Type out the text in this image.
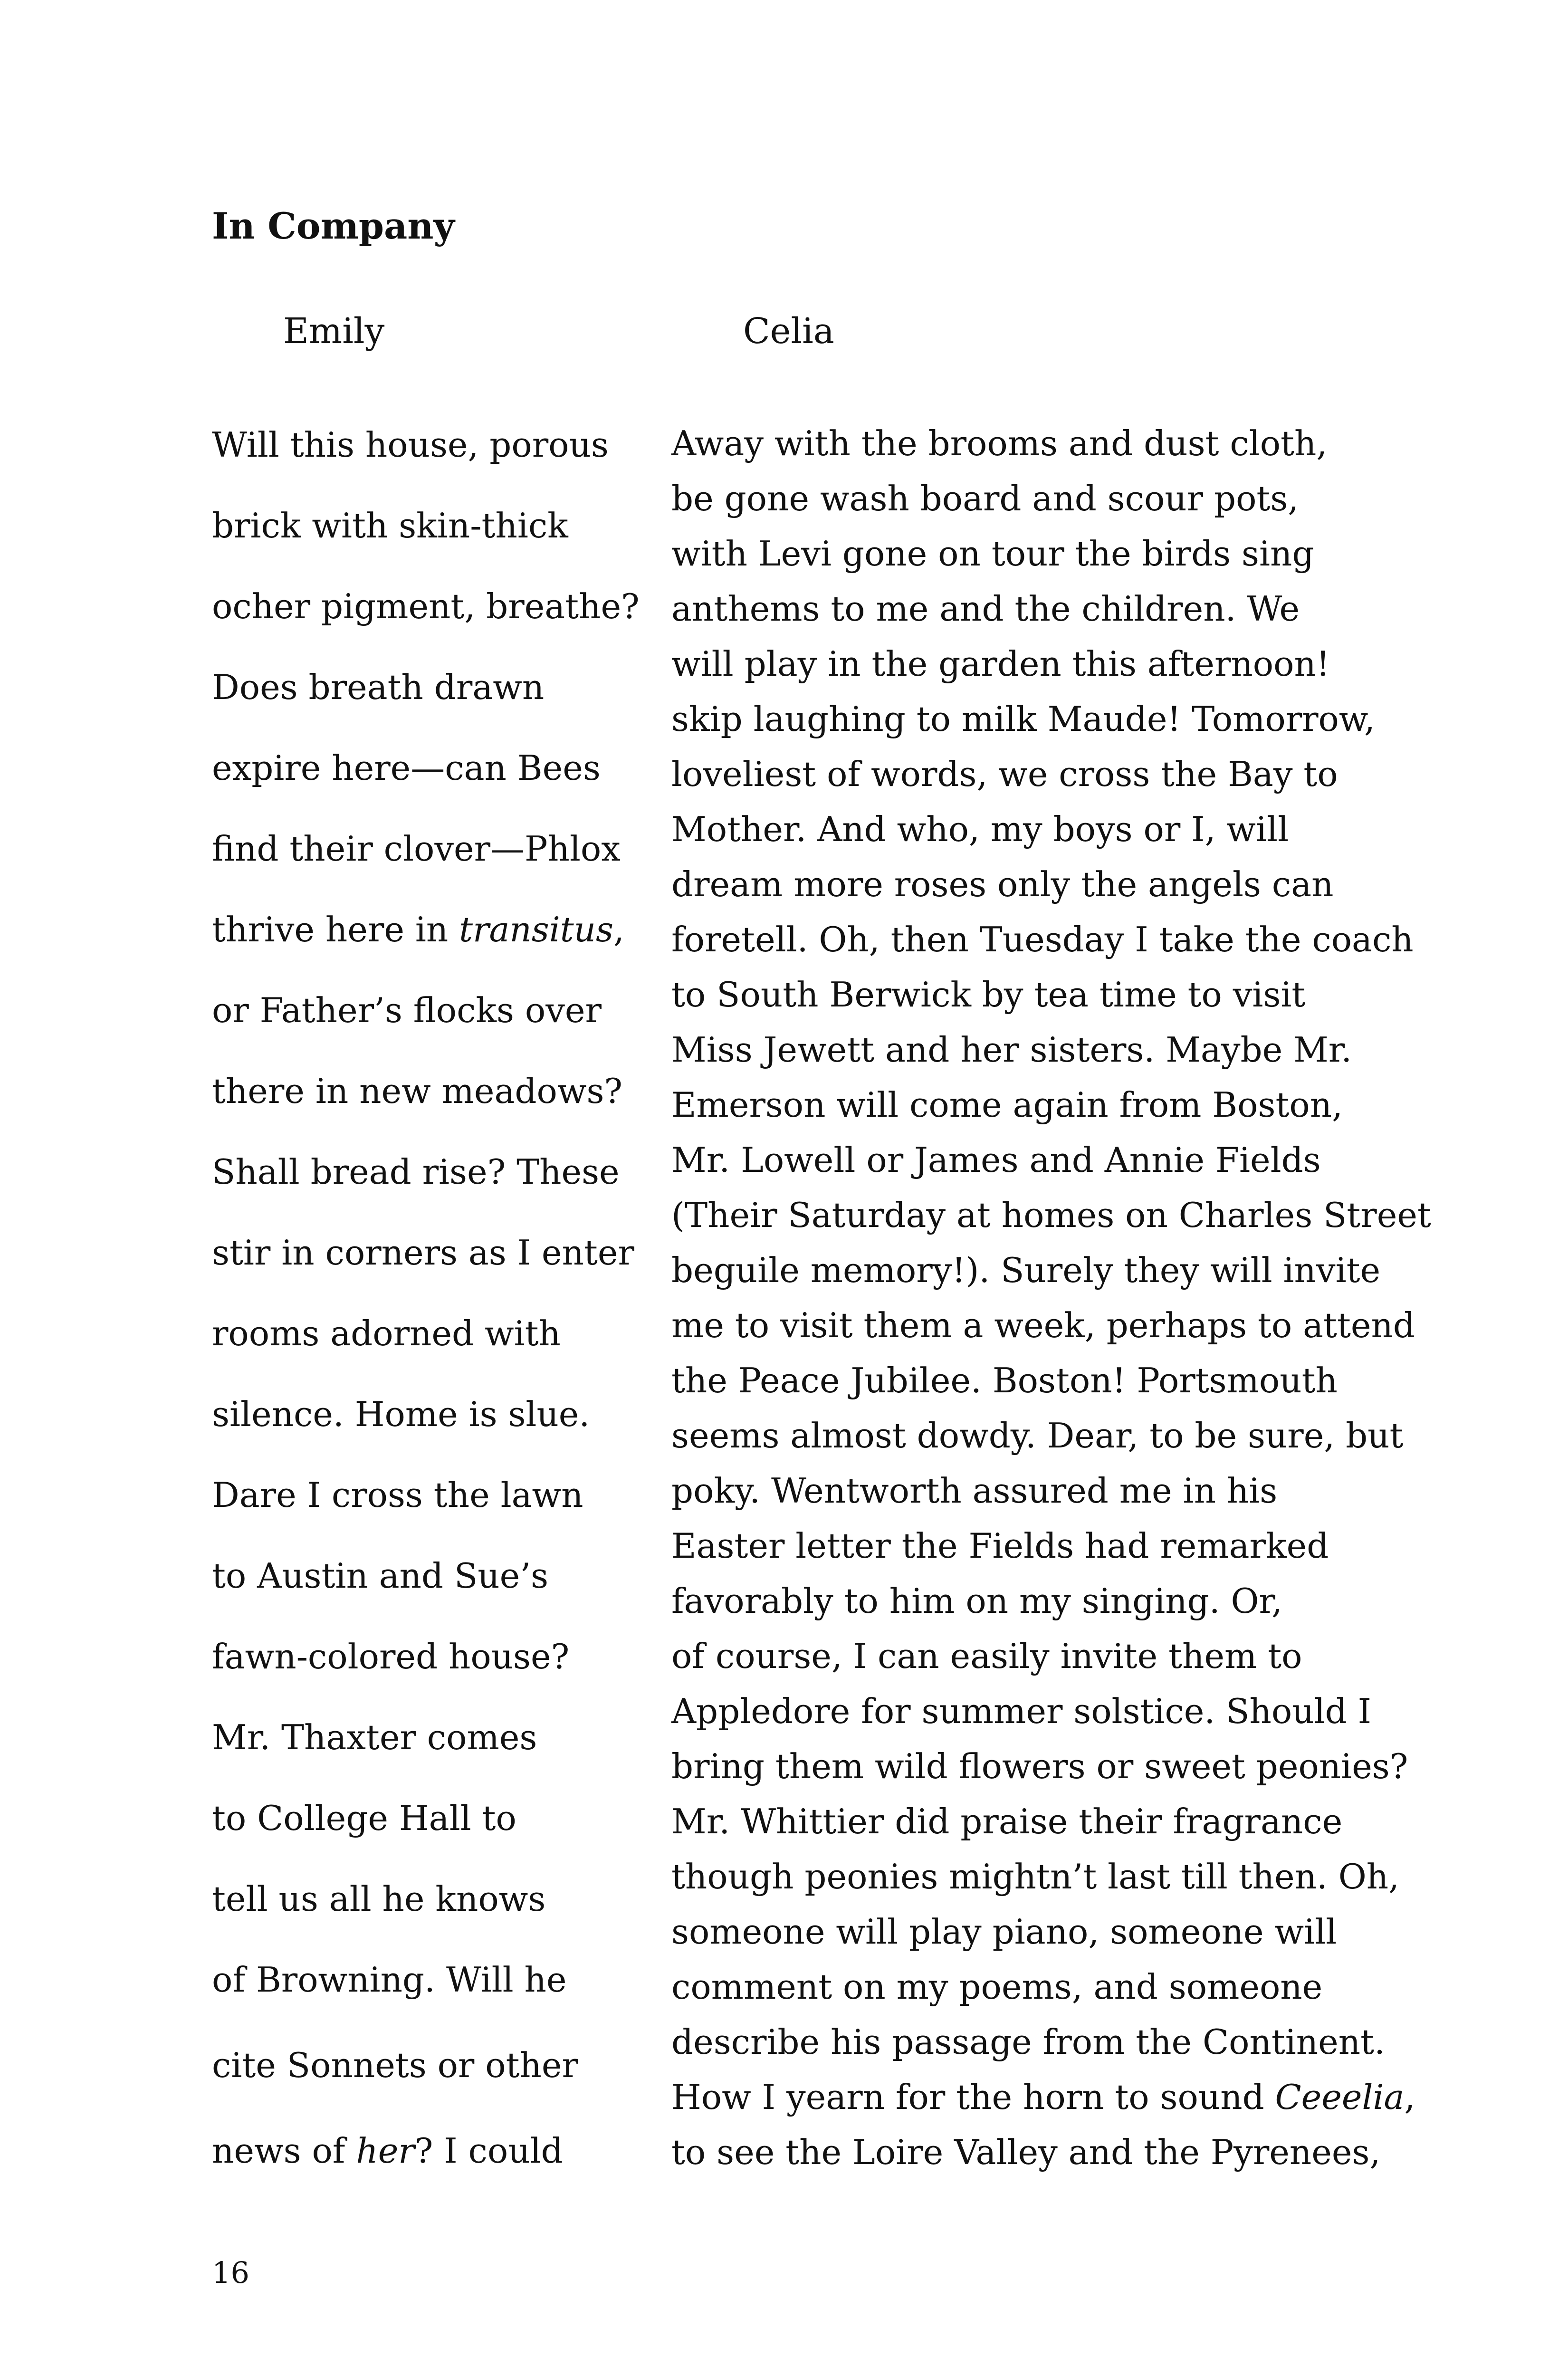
In Company
Emily	Celia
Will this house, porous
brick with skin-thick
ocher pigment, breathe?
Does breath drawn
expire here—can Bees
find their clover—Phlox
thrive here in transitus,
or Father’s flocks over
there in new meadows?
Shall bread rise? These
stir in corners as I enter
rooms adorned with
silence. Home is slue.
Dare I cross the lawn
to Austin and Sue’s
fawn-colored house?
Mr. Thaxter comes
to College Hall to
tell us all he knows
of Browning. Will he
cite Sonnets or other
news of her? I could
Away with the brooms and dust cloth,
be gone wash board and scour pots,
with Levi gone on tour the birds sing
anthems to me and the children. We
will play in the garden this afternoon!
skip laughing to milk Maude! Tomorrow,
loveliest of words, we cross the Bay to
Mother. And who, my boys or I, will
dream more roses only the angels can
foretell. Oh, then Tuesday I take the coach
to South Berwick by tea time to visit
Miss Jewett and her sisters. Maybe Mr.
Emerson will come again from Boston,
Mr. Lowell or James and Annie Fields
(Their Saturday at homes on Charles Street
beguile memory!). Surely they will invite
me to visit them a week, perhaps to attend
the Peace Jubilee. Boston! Portsmouth
seems almost dowdy. Dear, to be sure, but
poky. Wentworth assured me in his
Easter letter the Fields had remarked
favorably to him on my singing. Or,
of course, I can easily invite them to
Appledore for summer solstice. Should I
bring them wild flowers or sweet peonies?
Mr. Whittier did praise their fragrance
though peonies mightn’t last till then. Oh,
someone will play piano, someone will
comment on my poems, and someone
describe his passage from the Continent.
How I yearn for the horn to sound Ceeelia,
to see the Loire Valley and the Pyrenees,
16
